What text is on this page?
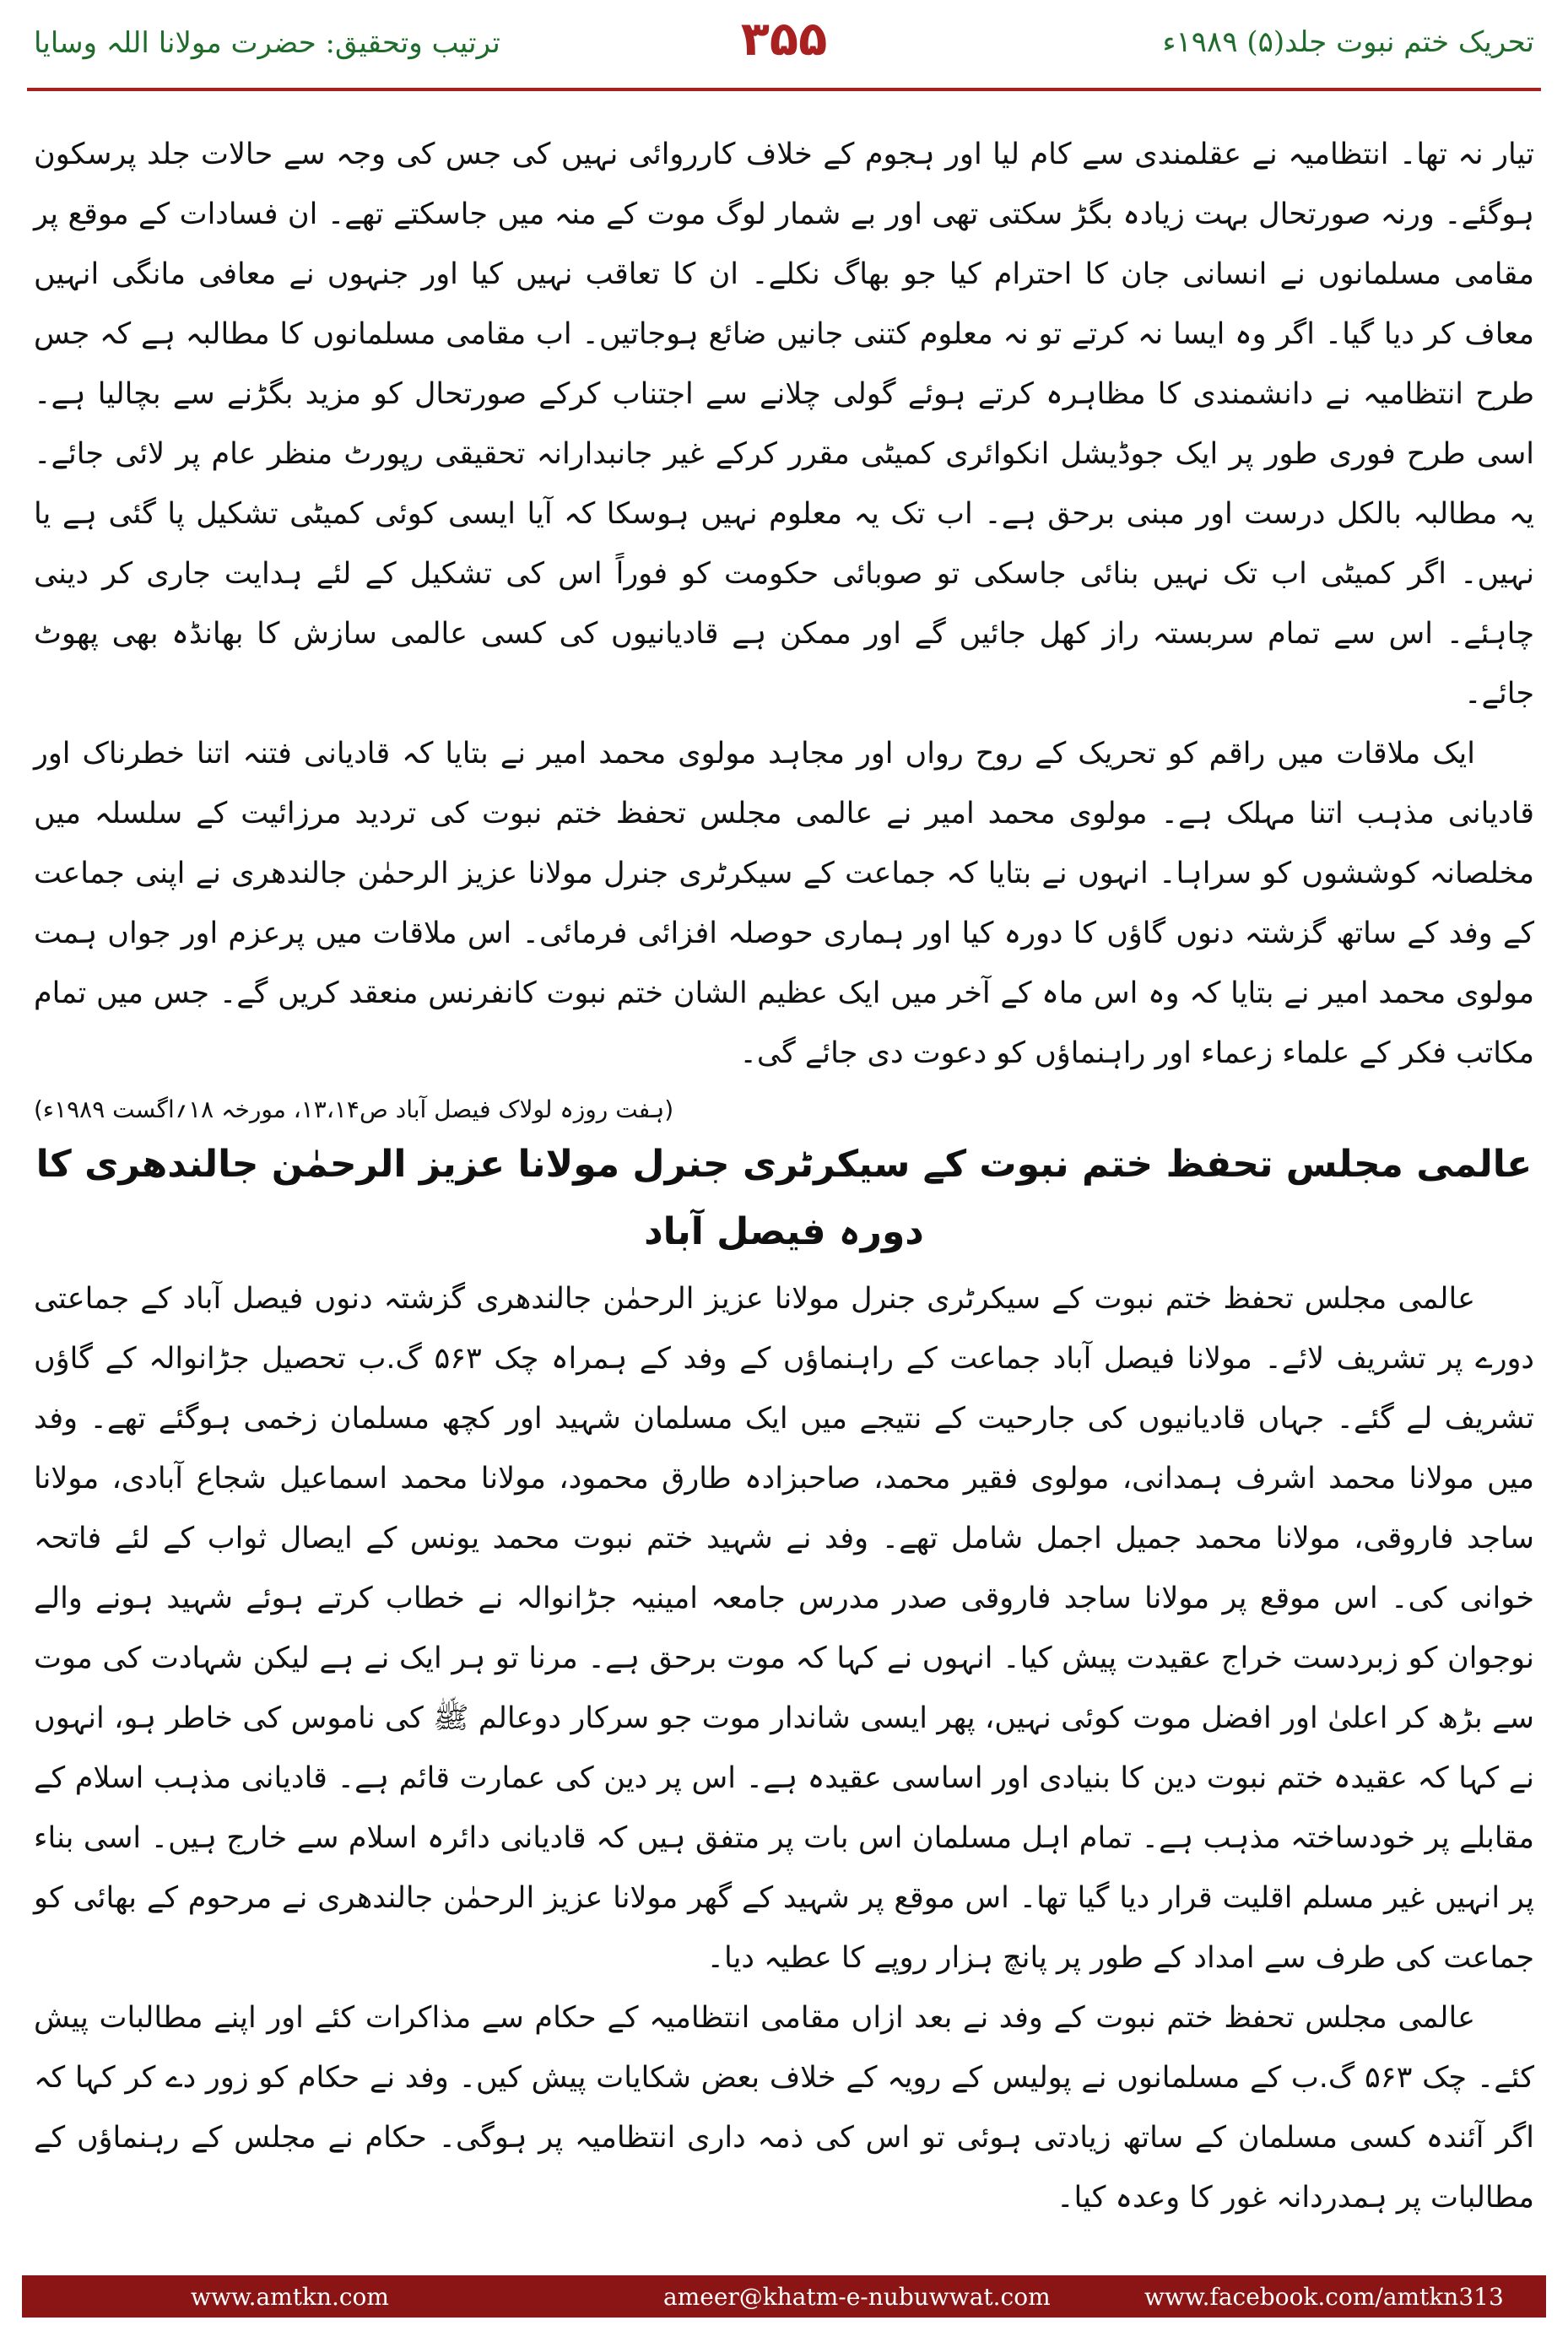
ترتیب وتحقیق: حضرت مولانا اللہ وسایا	۳۵۵	تحریک ختم نبوت جلد(۵) ۱۹۸۹ء

تیار نہ تھا۔ انتظامیہ نے عقلمندی سے کام لیا اور ہجوم کے خلاف کارروائی نہیں کی جس کی وجہ سے حالات جلد پرسکون ہوگئے۔ ورنہ صورتحال بہت زیادہ بگڑ سکتی تھی اور بے شمار لوگ موت کے منہ میں جاسکتے تھے۔ ان فسادات کے موقع پر مقامی مسلمانوں نے انسانی جان کا احترام کیا جو بھاگ نکلے۔ ان کا تعاقب نہیں کیا اور جنہوں نے معافی مانگی انہیں معاف کر دیا گیا۔ اگر وہ ایسا نہ کرتے تو نہ معلوم کتنی جانیں ضائع ہوجاتیں۔ اب مقامی مسلمانوں کا مطالبہ ہے کہ جس طرح انتظامیہ نے دانشمندی کا مظاہرہ کرتے ہوئے گولی چلانے سے اجتناب کرکے صورتحال کو مزید بگڑنے سے بچالیا ہے۔ اسی طرح فوری طور پر ایک جوڈیشل انکوائری کمیٹی مقرر کرکے غیر جانبدارانہ تحقیقی رپورٹ منظر عام پر لائی جائے۔ یہ مطالبہ بالکل درست اور مبنی برحق ہے۔ اب تک یہ معلوم نہیں ہوسکا کہ آیا ایسی کوئی کمیٹی تشکیل پا گئی ہے یا نہیں۔ اگر کمیٹی اب تک نہیں بنائی جاسکی تو صوبائی حکومت کو فوراً اس کی تشکیل کے لئے ہدایت جاری کر دینی چاہئے۔ اس سے تمام سربستہ راز کھل جائیں گے اور ممکن ہے قادیانیوں کی کسی عالمی سازش کا بھانڈہ بھی پھوٹ جائے۔

ایک ملاقات میں راقم کو تحریک کے روح رواں اور مجاہد مولوی محمد امیر نے بتایا کہ قادیانی فتنہ اتنا خطرناک اور قادیانی مذہب اتنا مہلک ہے۔ مولوی محمد امیر نے عالمی مجلس تحفظ ختم نبوت کی تردید مرزائیت کے سلسلہ میں مخلصانہ کوششوں کو سراہا۔ انہوں نے بتایا کہ جماعت کے سیکرٹری جنرل مولانا عزیز الرحمٰن جالندھری نے اپنی جماعت کے وفد کے ساتھ گزشتہ دنوں گاؤں کا دورہ کیا اور ہماری حوصلہ افزائی فرمائی۔ اس ملاقات میں پرعزم اور جواں ہمت مولوی محمد امیر نے بتایا کہ وہ اس ماہ کے آخر میں ایک عظیم الشان ختم نبوت کانفرنس منعقد کریں گے۔ جس میں تمام مکاتب فکر کے علماء زعماء اور راہنماؤں کو دعوت دی جائے گی۔

(ہفت روزہ لولاک فیصل آباد ص۱۳،۱۴، مورخہ ۱۸؍اگست ۱۹۸۹ء)

عالمی مجلس تحفظ ختم نبوت کے سیکرٹری جنرل مولانا عزیز الرحمٰن جالندھری کا دورہ فیصل آباد

عالمی مجلس تحفظ ختم نبوت کے سیکرٹری جنرل مولانا عزیز الرحمٰن جالندھری گزشتہ دنوں فیصل آباد کے جماعتی دورے پر تشریف لائے۔ مولانا فیصل آباد جماعت کے راہنماؤں کے وفد کے ہمراہ چک ۵۶۳ گ.ب تحصیل جڑانوالہ کے گاؤں تشریف لے گئے۔ جہاں قادیانیوں کی جارحیت کے نتیجے میں ایک مسلمان شہید اور کچھ مسلمان زخمی ہوگئے تھے۔ وفد میں مولانا محمد اشرف ہمدانی، مولوی فقیر محمد، صاحبزادہ طارق محمود، مولانا محمد اسماعیل شجاع آبادی، مولانا ساجد فاروقی، مولانا محمد جمیل اجمل شامل تھے۔ وفد نے شہید ختم نبوت محمد یونس کے ایصال ثواب کے لئے فاتحہ خوانی کی۔ اس موقع پر مولانا ساجد فاروقی صدر مدرس جامعہ امینیہ جڑانوالہ نے خطاب کرتے ہوئے شہید ہونے والے نوجوان کو زبردست خراج عقیدت پیش کیا۔ انہوں نے کہا کہ موت برحق ہے۔ مرنا تو ہر ایک نے ہے لیکن شہادت کی موت سے بڑھ کر اعلیٰ اور افضل موت کوئی نہیں، پھر ایسی شاندار موت جو سرکار دوعالم ﷺ کی ناموس کی خاطر ہو، انہوں نے کہا کہ عقیدہ ختم نبوت دین کا بنیادی اور اساسی عقیدہ ہے۔ اس پر دین کی عمارت قائم ہے۔ قادیانی مذہب اسلام کے مقابلے پر خودساختہ مذہب ہے۔ تمام اہل مسلمان اس بات پر متفق ہیں کہ قادیانی دائرہ اسلام سے خارج ہیں۔ اسی بناء پر انہیں غیر مسلم اقلیت قرار دیا گیا تھا۔ اس موقع پر شہید کے گھر مولانا عزیز الرحمٰن جالندھری نے مرحوم کے بھائی کو جماعت کی طرف سے امداد کے طور پر پانچ ہزار روپے کا عطیہ دیا۔

عالمی مجلس تحفظ ختم نبوت کے وفد نے بعد ازاں مقامی انتظامیہ کے حکام سے مذاکرات کئے اور اپنے مطالبات پیش کئے۔ چک ۵۶۳ گ.ب کے مسلمانوں نے پولیس کے رویہ کے خلاف بعض شکایات پیش کیں۔ وفد نے حکام کو زور دے کر کہا کہ اگر آئندہ کسی مسلمان کے ساتھ زیادتی ہوئی تو اس کی ذمہ داری انتظامیہ پر ہوگی۔ حکام نے مجلس کے رہنماؤں کے مطالبات پر ہمدردانہ غور کا وعدہ کیا۔

www.amtkn.com	ameer@khatm-e-nubuwwat.com	www.facebook.com/amtkn313
